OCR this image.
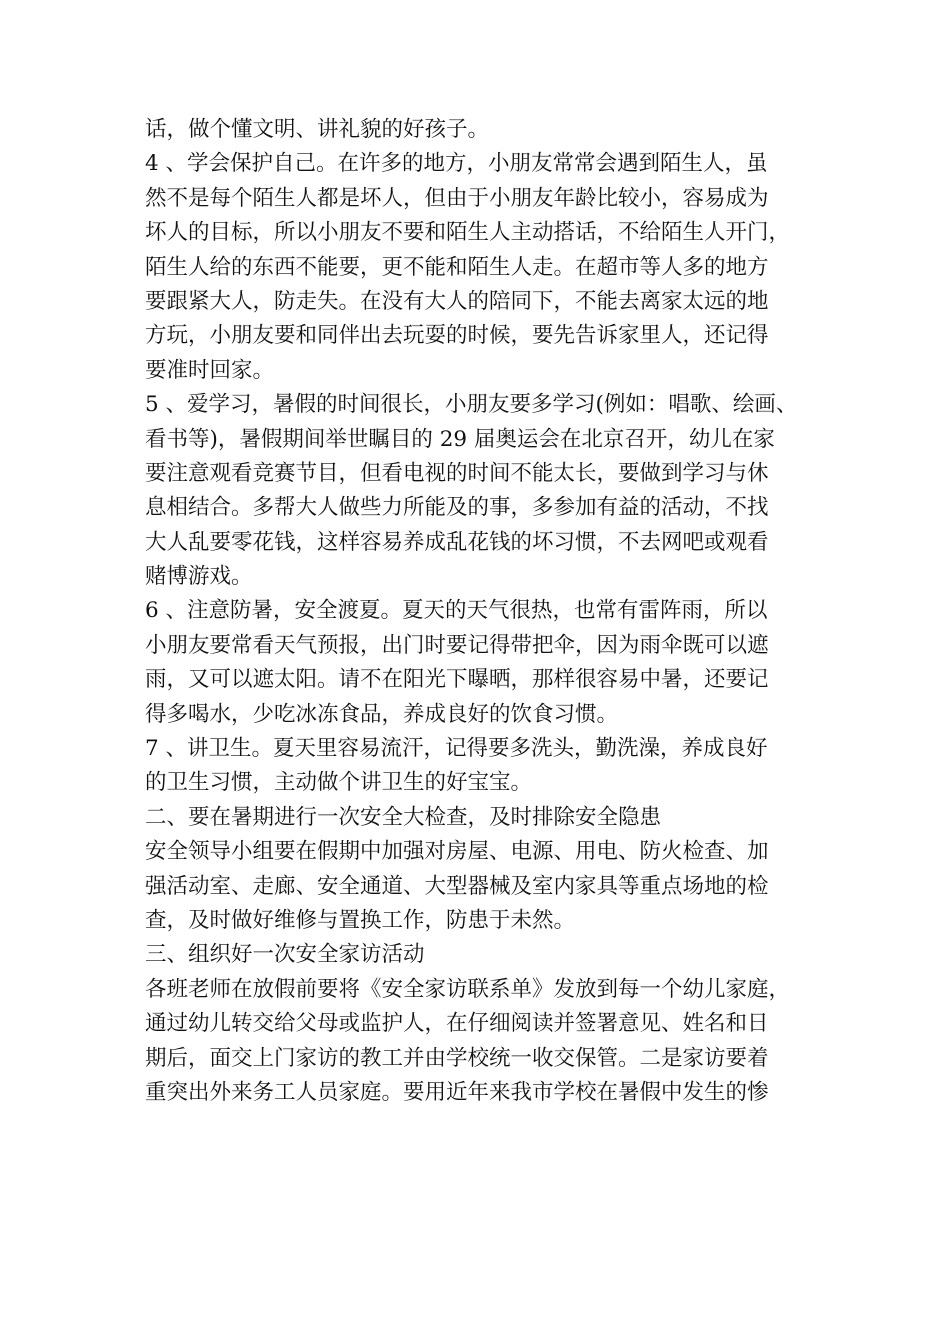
话，做个懂文明、讲礼貌的好孩子。
4 、学会保护自己。在许多的地方，小朋友常常会遇到陌生人，虽
然不是每个陌生人都是坏人，但由于小朋友年龄比较小，容易成为
坏人的目标，所以小朋友不要和陌生人主动搭话，不给陌生人开门，
陌生人给的东西不能要，更不能和陌生人走。在超市等人多的地方
要跟紧大人，防走失。在没有大人的陪同下，不能去离家太远的地
方玩，小朋友要和同伴出去玩耍的时候，要先告诉家里人，还记得
要准时回家。
5 、爱学习，暑假的时间很长，小朋友要多学习(例如：唱歌、绘画、
看书等)，暑假期间举世瞩目的 29 届奥运会在北京召开，幼儿在家
要注意观看竞赛节目，但看电视的时间不能太长，要做到学习与休
息相结合。多帮大人做些力所能及的事，多参加有益的活动，不找
大人乱要零花钱，这样容易养成乱花钱的坏习惯，不去网吧或观看
赌博游戏。
6 、注意防暑，安全渡夏。夏天的天气很热，也常有雷阵雨，所以
小朋友要常看天气预报，出门时要记得带把伞，因为雨伞既可以遮
雨，又可以遮太阳。请不在阳光下曝晒，那样很容易中暑，还要记
得多喝水，少吃冰冻食品，养成良好的饮食习惯。
7 、讲卫生。夏天里容易流汗，记得要多洗头，勤洗澡，养成良好
的卫生习惯，主动做个讲卫生的好宝宝。
二、要在暑期进行一次安全大检查，及时排除安全隐患
安全领导小组要在假期中加强对房屋、电源、用电、防火检查、加
强活动室、走廊、安全通道、大型器械及室内家具等重点场地的检
查，及时做好维修与置换工作，防患于未然。
三、组织好一次安全家访活动
各班老师在放假前要将《安全家访联系单》发放到每一个幼儿家庭，
通过幼儿转交给父母或监护人，在仔细阅读并签署意见、姓名和日
期后，面交上门家访的教工并由学校统一收交保管。二是家访要着
重突出外来务工人员家庭。要用近年来我市学校在暑假中发生的惨
